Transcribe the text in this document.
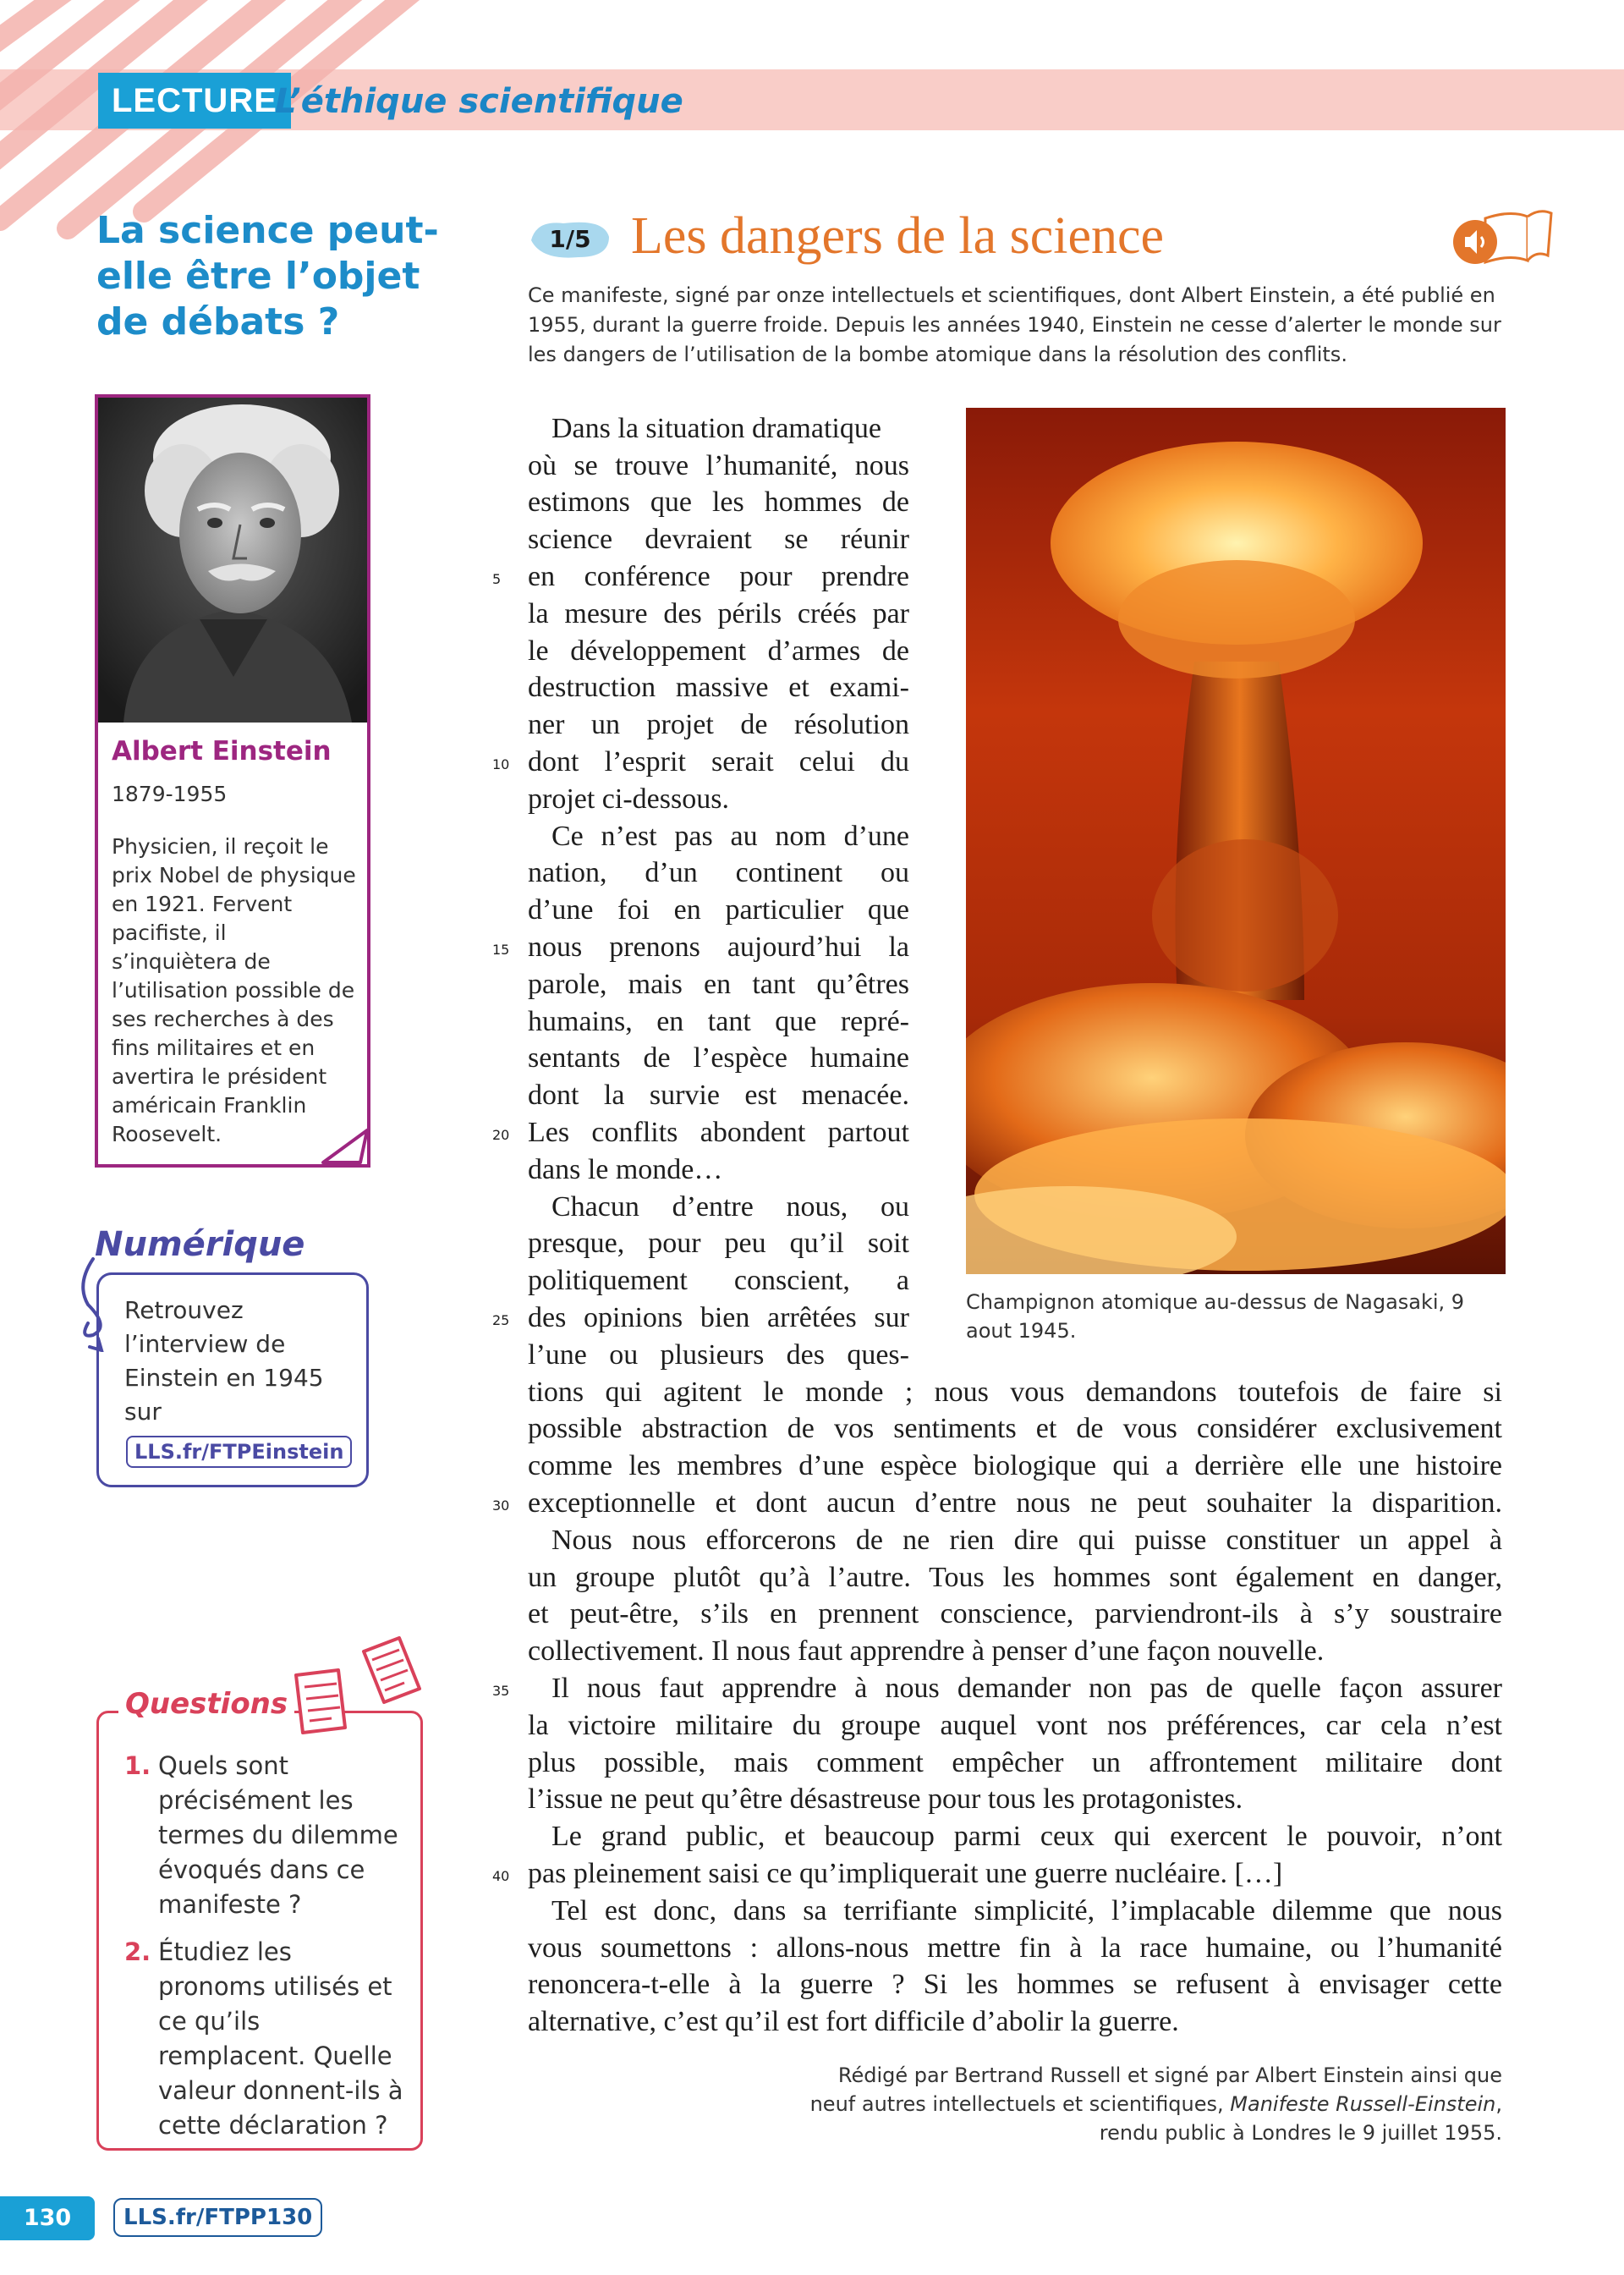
LECTURE
L’éthique scientifique
La science peut-elle être l’objet de débats ?
Albert Einstein
1879-1955

Physicien, il reçoit le prix Nobel de physique en 1921. Fervent pacifiste, il s’inquiètera de l’utilisation possible de ses recherches à des fins militaires et en avertira le président américain Franklin Roosevelt.

Retrouvez l’interview de Einstein en 1945 sur

LLS.fr/FTPEinstein
Numérique

1. Quels sont précisément les termes du dilemme évoqués dans ce manifeste ?

2. Étudiez les pronoms utilisés et ce qu’ils remplacent. Quelle valeur donnent-ils à cette déclaration ?

Questions
130	LLS.fr/FTPP130
1/5 Les dangers de la science

Ce manifeste, signé par onze intellectuels et scientifiques, dont Albert Einstein, a été publié en 1955, durant la guerre froide. Depuis les années 1940, Einstein ne cesse d’alerter le monde sur les dangers de l’utilisation de la bombe atomique dans la résolution des conflits.

Champignon atomique au-dessus de Nagasaki, 9 aout 1945.

Dans la situation dramatique
où se trouve l’humanité, nous
estimons que les hommes de
science devraient se réunir
en conférence pour prendre
la mesure des périls créés par
le développement d’armes de
destruction massive et exami-
ner un projet de résolution
dont l’esprit serait celui du
projet ci-dessous.
Ce n’est pas au nom d’une
nation, d’un continent ou
d’une foi en particulier que
nous prenons aujourd’hui la
parole, mais en tant qu’êtres
humains, en tant que repré-
sentants de l’espèce humaine
dont la survie est menacée.
Les conflits abondent partout
dans le monde…
Chacun d’entre nous, ou
presque, pour peu qu’il soit
politiquement conscient, a
des opinions bien arrêtées sur
l’une ou plusieurs des ques-
tions qui agitent le monde ; nous vous demandons toutefois de faire si
possible abstraction de vos sentiments et de vous considérer exclusivement
comme les membres d’une espèce biologique qui a derrière elle une histoire
exceptionnelle et dont aucun d’entre nous ne peut souhaiter la disparition.
Nous nous efforcerons de ne rien dire qui puisse constituer un appel à
un groupe plutôt qu’à l’autre. Tous les hommes sont également en danger,
et peut-être, s’ils en prennent conscience, parviendront-ils à s’y soustraire
collectivement. Il nous faut apprendre à penser d’une façon nouvelle.
Il nous faut apprendre à nous demander non pas de quelle façon assurer
la victoire militaire du groupe auquel vont nos préférences, car cela n’est
plus possible, mais comment empêcher un affrontement militaire dont
l’issue ne peut qu’être désastreuse pour tous les protagonistes.
Le grand public, et beaucoup parmi ceux qui exercent le pouvoir, n’ont
pas pleinement saisi ce qu’impliquerait une guerre nucléaire. […]
Tel est donc, dans sa terrifiante simplicité, l’implacable dilemme que nous
vous soumettons : allons-nous mettre fin à la race humaine, ou l’humanité
renoncera-t-elle à la guerre ? Si les hommes se refusent à envisager cette
alternative, c’est qu’il est fort difficile d’abolir la guerre.
5
10
15
20
25
30
35
40

Rédigé par Bertrand Russell et signé par Albert Einstein ainsi que
neuf autres intellectuels et scientifiques, Manifeste Russell-Einstein,
rendu public à Londres le 9 juillet 1955.
